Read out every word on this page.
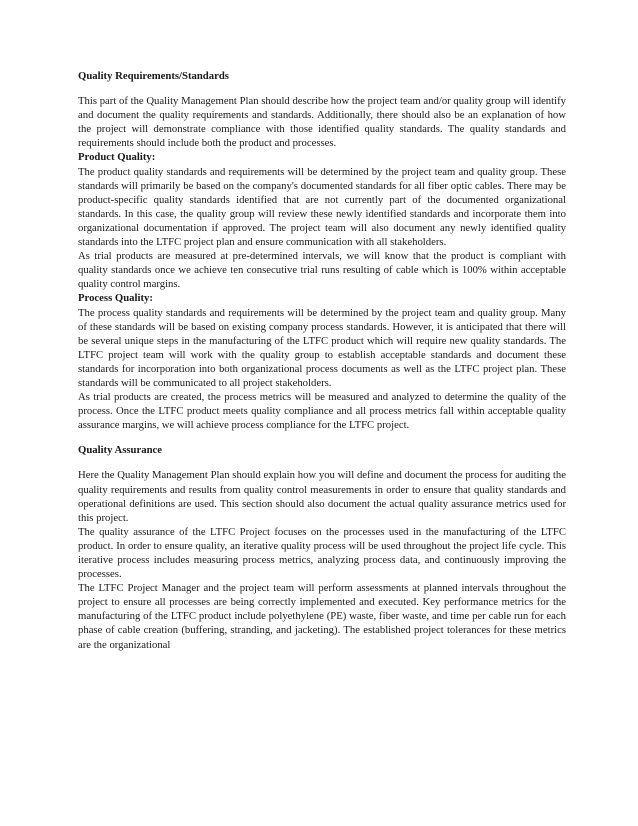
Quality Requirements/Standards

This part of the Quality Management Plan should describe how the project team and/or quality group will identify and document the quality requirements and standards. Additionally, there should also be an explanation of how the project will demonstrate compliance with those identified quality standards. The quality standards and requirements should include both the product and processes.

Product Quality:

The product quality standards and requirements will be determined by the project team and quality group. These standards will primarily be based on the company's documented standards for all fiber optic cables. There may be product-specific quality standards identified that are not currently part of the documented organizational standards. In this case, the quality group will review these newly identified standards and incorporate them into organizational documentation if approved. The project team will also document any newly identified quality standards into the LTFC project plan and ensure communication with all stakeholders.

As trial products are measured at pre-determined intervals, we will know that the product is compliant with quality standards once we achieve ten consecutive trial runs resulting of cable which is 100% within acceptable quality control margins.

Process Quality:

The process quality standards and requirements will be determined by the project team and quality group. Many of these standards will be based on existing company process standards. However, it is anticipated that there will be several unique steps in the manufacturing of the LTFC product which will require new quality standards. The LTFC project team will work with the quality group to establish acceptable standards and document these standards for incorporation into both organizational process documents as well as the LTFC project plan. These standards will be communicated to all project stakeholders.

As trial products are created, the process metrics will be measured and analyzed to determine the quality of the process. Once the LTFC product meets quality compliance and all process metrics fall within acceptable quality assurance margins, we will achieve process compliance for the LTFC project.

Quality Assurance

Here the Quality Management Plan should explain how you will define and document the process for auditing the quality requirements and results from quality control measurements in order to ensure that quality standards and operational definitions are used. This section should also document the actual quality assurance metrics used for this project.

The quality assurance of the LTFC Project focuses on the processes used in the manufacturing of the LTFC product. In order to ensure quality, an iterative quality process will be used throughout the project life cycle. This iterative process includes measuring process metrics, analyzing process data, and continuously improving the processes.

The LTFC Project Manager and the project team will perform assessments at planned intervals throughout the project to ensure all processes are being correctly implemented and executed. Key performance metrics for the manufacturing of the LTFC product include polyethylene (PE) waste, fiber waste, and time per cable run for each phase of cable creation (buffering, stranding, and jacketing). The established project tolerances for these metrics are the organizational
